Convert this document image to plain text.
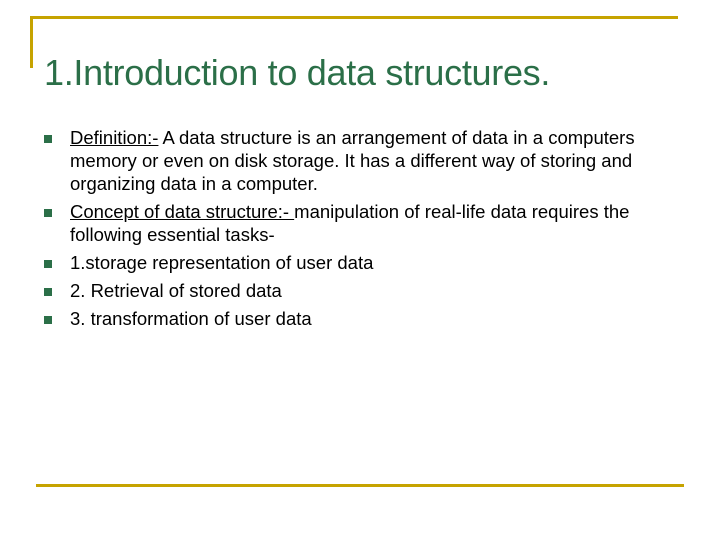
1.Introduction to data structures.
Definition:- A data structure is an arrangement of data in a computers memory or even on disk storage. It has a different way of storing and organizing data in a computer.
Concept of data structure:- manipulation of real-life data requires the following essential tasks-
1.storage representation of user data
2. Retrieval of stored data
3. transformation of user data
